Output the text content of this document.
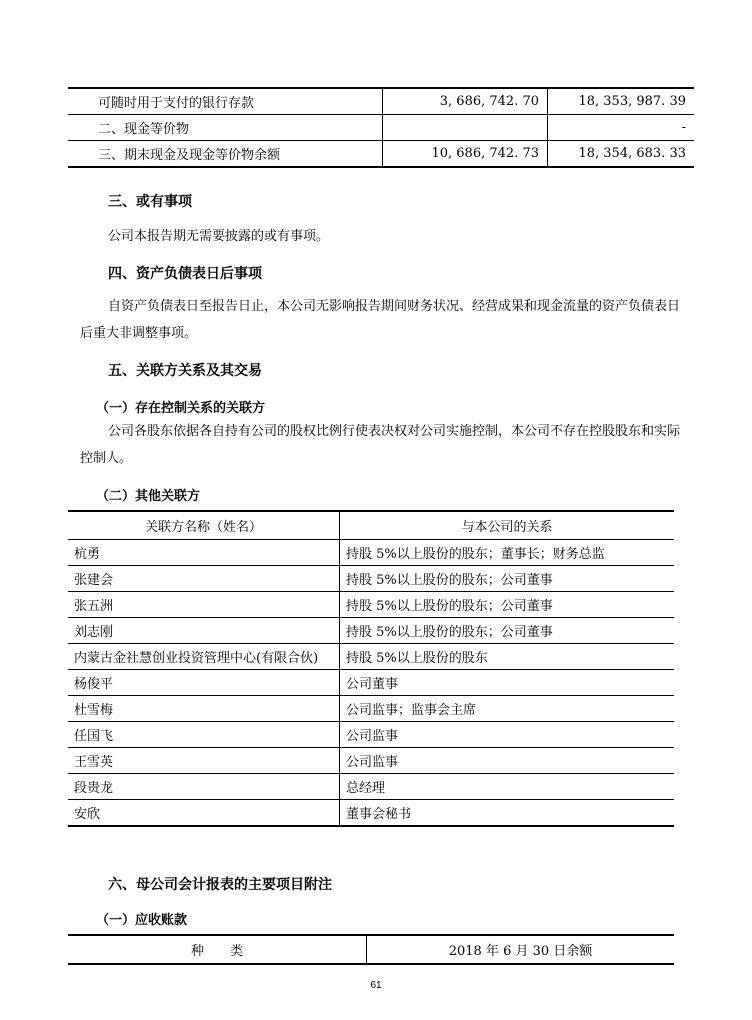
可随时用于支付的银行存款	3, 686, 742. 70	18, 353, 987. 39
二、现金等价物		-
三、期末现金及现金等价物余额	10, 686, 742. 73	18, 354, 683. 33
三、或有事项
公司本报告期无需要披露的或有事项。
四、资产负债表日后事项
自资产负债表日至报告日止，本公司无影响报告期间财务状况、经营成果和现金流量的资产负债表日后重大非调整事项。
五、关联方关系及其交易
（一）存在控制关系的关联方
公司各股东依据各自持有公司的股权比例行使表决权对公司实施控制，本公司不存在控股股东和实际控制人。
（二）其他关联方
关联方名称（姓名）	与本公司的关系
杭勇	持股 5%以上股份的股东；董事长；财务总监
张建会	持股 5%以上股份的股东；公司董事
张五洲	持股 5%以上股份的股东；公司董事
刘志刚	持股 5%以上股份的股东；公司董事
内蒙古金社慧创业投资管理中心(有限合伙)	持股 5%以上股份的股东
杨俊平	公司董事
杜雪梅	公司监事；监事会主席
任国飞	公司监事
王雪英	公司监事
段贵龙	总经理
安欣	董事会秘书
六、母公司会计报表的主要项目附注
（一）应收账款
种　　类	2018 年 6 月 30 日余额
61
